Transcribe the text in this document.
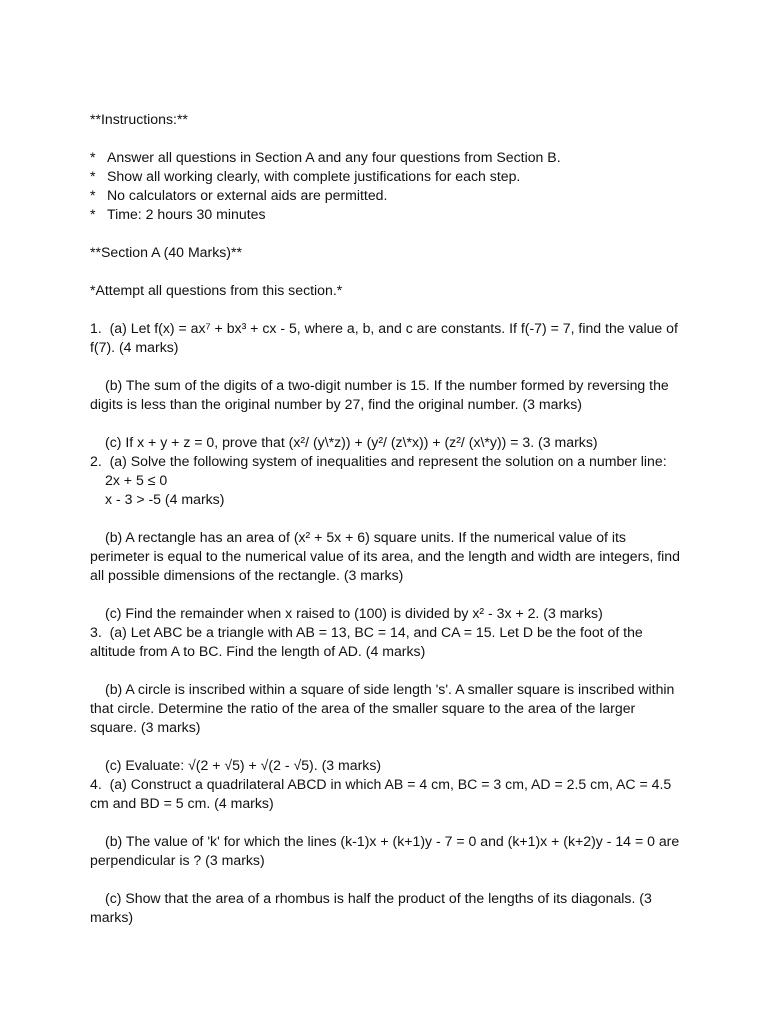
**Instructions:**

* Answer all questions in Section A and any four questions from Section B.

* Show all working clearly, with complete justifications for each step.

* No calculators or external aids are permitted.

* Time: 2 hours 30 minutes

**Section A (40 Marks)**

*Attempt all questions from this section.*

1.  (a) Let f(x) = ax⁷ + bx³ + cx - 5, where a, b, and c are constants. If f(-7) = 7, find the value of f(7). (4 marks)

(b) The sum of the digits of a two-digit number is 15. If the number formed by reversing the digits is less than the original number by 27, find the original number. (3 marks)

(c) If x + y + z = 0, prove that (x²/ (y\*z)) + (y²/ (z\*x)) + (z²/ (x\*y)) = 3. (3 marks)

2.  (a) Solve the following system of inequalities and represent the solution on a number line:

2x + 5 ≤ 0

x - 3 > -5 (4 marks)

(b) A rectangle has an area of (x² + 5x + 6) square units. If the numerical value of its perimeter is equal to the numerical value of its area, and the length and width are integers, find all possible dimensions of the rectangle. (3 marks)

(c) Find the remainder when x raised to (100) is divided by x² - 3x + 2. (3 marks)

3.  (a) Let ABC be a triangle with AB = 13, BC = 14, and CA = 15. Let D be the foot of the altitude from A to BC. Find the length of AD. (4 marks)

(b) A circle is inscribed within a square of side length 's'. A smaller square is inscribed within that circle. Determine the ratio of the area of the smaller square to the area of the larger square. (3 marks)

(c) Evaluate: √(2 + √5) + √(2 - √5). (3 marks)

4.  (a) Construct a quadrilateral ABCD in which AB = 4 cm, BC = 3 cm, AD = 2.5 cm, AC = 4.5 cm and BD = 5 cm. (4 marks)

(b) The value of 'k' for which the lines (k-1)x + (k+1)y - 7 = 0 and (k+1)x + (k+2)y - 14 = 0 are perpendicular is ? (3 marks)

(c) Show that the area of a rhombus is half the product of the lengths of its diagonals. (3 marks)
